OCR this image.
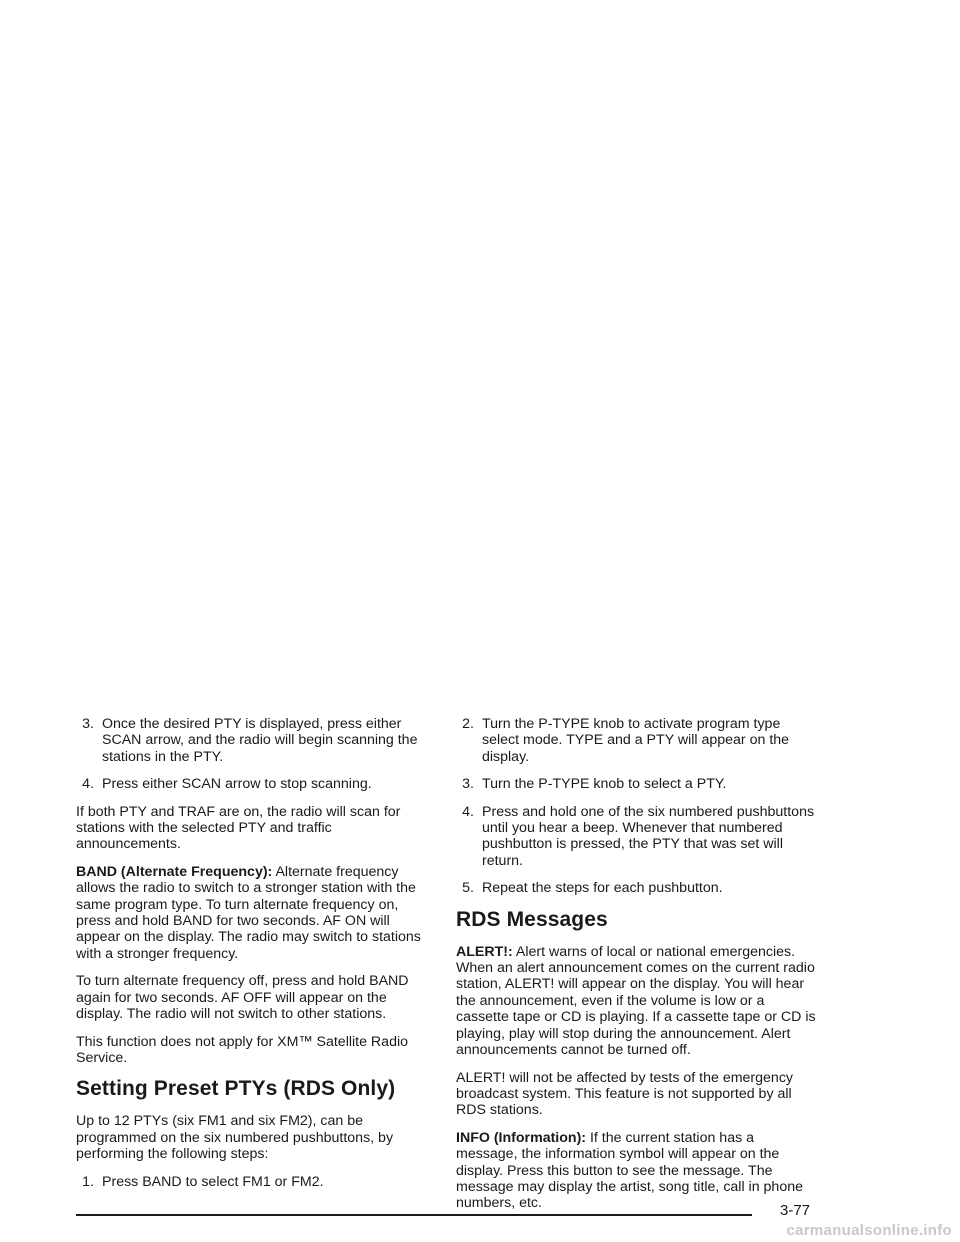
3 . Once the desired PTY is displayed, press either SCAN arrow, and the radio will begin scanning the stations in the PTY.
4 . Press either SCAN arrow to stop scanning.

If both PTY and TRAF are on, the radio will scan for stations with the selected PTY and traffic announcements.

BAND (Alternate Frequency): Alternate frequency allows the radio to switch to a stronger station with the same program type. To turn alternate frequency on, press and hold BAND for two seconds. AF ON will appear on the display. The radio may switch to stations with a stronger frequency.

To turn alternate frequency off, press and hold BAND again for two seconds. AF OFF will appear on the display. The radio will not switch to other stations.

This function does not apply for XM™ Satellite Radio Service.

Setting Preset PTYs (RDS Only)

Up to 12 PTYs (six FM1 and six FM2), can be programmed on the six numbered pushbuttons, by performing the following steps:

1 . Press BAND to select FM1 or FM2.
2 . Turn the P-TYPE knob to activate program type select mode. TYPE and a PTY will appear on the display.
3 . Turn the P-TYPE knob to select a PTY.
4 . Press and hold one of the six numbered pushbuttons until you hear a beep. Whenever that numbered pushbutton is pressed, the PTY that was set will return.
5 . Repeat the steps for each pushbutton.
RDS Messages

ALERT!: Alert warns of local or national emergencies. When an alert announcement comes on the current radio station, ALERT! will appear on the display. You will hear the announcement, even if the volume is low or a cassette tape or CD is playing. If a cassette tape or CD is playing, play will stop during the announcement. Alert announcements cannot be turned off.

ALERT! will not be affected by tests of the emergency broadcast system. This feature is not supported by all RDS stations.

INFO (Information): If the current station has a message, the information symbol will appear on the display. Press this button to see the message. The message may display the artist, song title, call in phone numbers, etc.	3-77
carmanualsonline.info
